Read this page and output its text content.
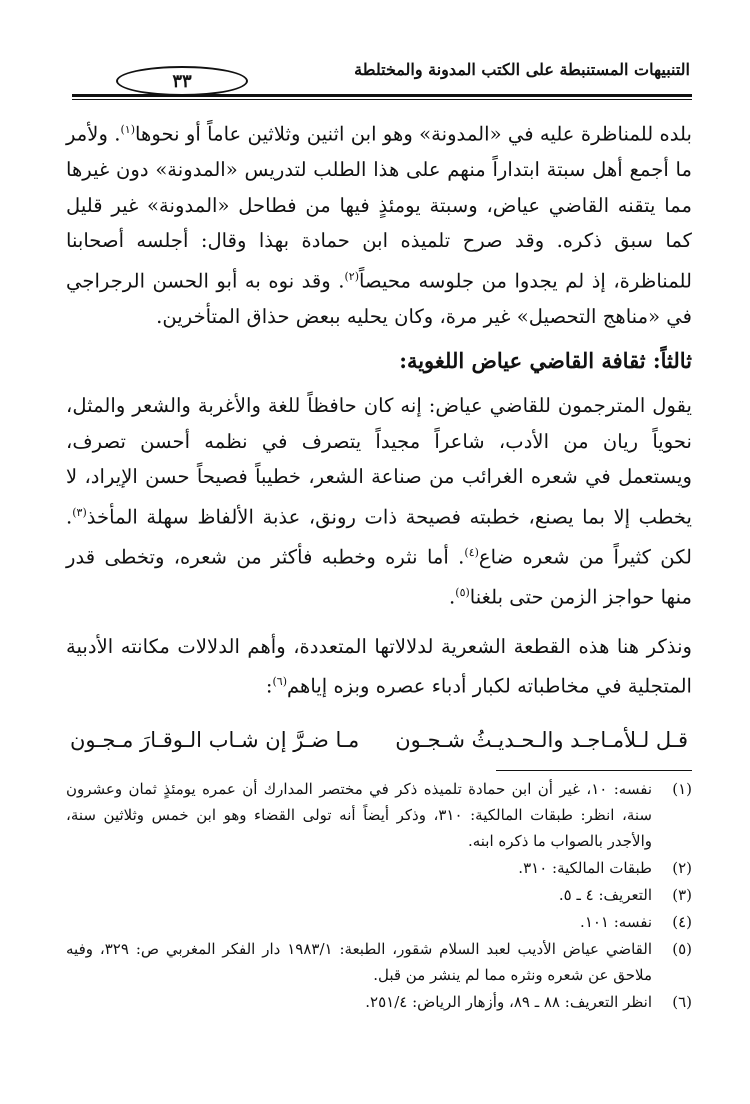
التنبيهات المستنبطة على الكتب المدونة والمختلطة
٣٣

بلده للمناظرة عليه في «المدونة» وهو ابن اثنين وثلاثين عاماً أو نحوها$^{(١)}$. ولأمر ما أجمع أهل سبتة ابتداراً منهم على هذا الطلب لتدريس «المدونة» دون غيرها مما يتقنه القاضي عياض، وسبتة يومئذٍ فيها من فطاحل «المدونة» غير قليل كما سبق ذكره. وقد صرح تلميذه ابن حمادة بهذا وقال: أجلسه أصحابنا للمناظرة، إذ لم يجدوا من جلوسه محيصاً$^{(٢)}$. وقد نوه به أبو الحسن الرجراجي في «مناهج التحصيل» غير مرة، وكان يحليه ببعض حذاق المتأخرين.

ثالثاً: ثقافة القاضي عياض اللغوية:

يقول المترجمون للقاضي عياض: إنه كان حافظاً للغة والأغربة والشعر والمثل، نحوياً ريان من الأدب، شاعراً مجيداً يتصرف في نظمه أحسن تصرف، ويستعمل في شعره الغرائب من صناعة الشعر، خطيباً فصيحاً حسن الإيراد، لا يخطب إلا بما يصنع، خطبته فصيحة ذات رونق، عذبة الألفاظ سهلة المأخذ$^{(٣)}$. لكن كثيراً من شعره ضاع$^{(٤)}$. أما نثره وخطبه فأكثر من شعره، وتخطى قدر منها حواجز الزمن حتى بلغنا$^{(٥)}$.

ونذكر هنا هذه القطعة الشعرية لدلالاتها المتعددة، وأهم الدلالات مكانته الأدبية المتجلية في مخاطباته لكبار أدباء عصره وبزه إياهم$^{(٦)}$:

قـل لـلأمـاجـد والـحـديـثُ شـجـون
مـا ضـرَّ إن شـاب الـوقـارَ مـجـون
(١)
نفسه: ١٠، غير أن ابن حمادة تلميذه ذكر في مختصر المدارك أن عمره يومئذٍ ثمان وعشرون سنة، انظر: طبقات المالكية: ٣١٠، وذكر أيضاً أنه تولى القضاء وهو ابن خمس وثلاثين سنة، والأجدر بالصواب ما ذكره ابنه.
(٢)
طبقات المالكية: ٣١٠.
(٣)
التعريف: ٤ ـ ٥.
(٤)
نفسه: ١٠١.
(٥)
القاضي عياض الأديب لعبد السلام شقور، الطبعة: ١٩٨٣/١ دار الفكر المغربي ص: ٣٢٩، وفيه ملاحق عن شعره ونثره مما لم ينشر من قبل.
(٦)
انظر التعريف: ٨٨ ـ ٨٩، وأزهار الرياض: ٢٥١/٤.
